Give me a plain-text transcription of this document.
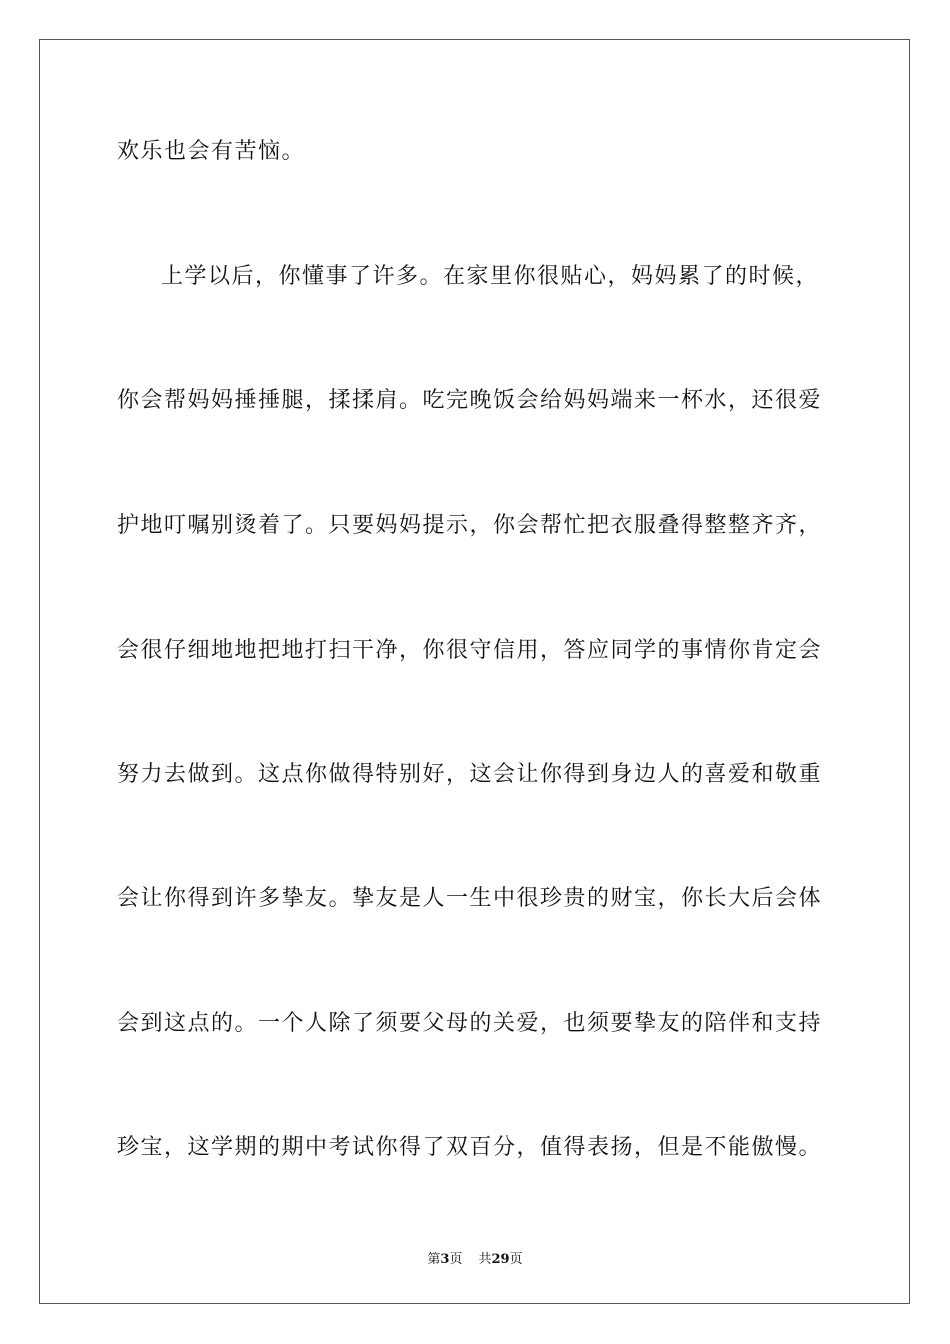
欢乐也会有苦恼。
上学以后，你懂事了许多。在家里你很贴心，妈妈累了的时候，
你会帮妈妈捶捶腿，揉揉肩。吃完晚饭会给妈妈端来一杯水，还很爱
护地叮嘱别烫着了。只要妈妈提示，你会帮忙把衣服叠得整整齐齐，
会很仔细地地把地打扫干净，你很守信用，答应同学的事情你肯定会
努力去做到。这点你做得特别好，这会让你得到身边人的喜爱和敬重
会让你得到许多挚友。挚友是人一生中很珍贵的财宝，你长大后会体
会到这点的。一个人除了须要父母的关爱，也须要挚友的陪伴和支持
珍宝，这学期的期中考试你得了双百分，值得表扬，但是不能傲慢。
第3页 共29页
